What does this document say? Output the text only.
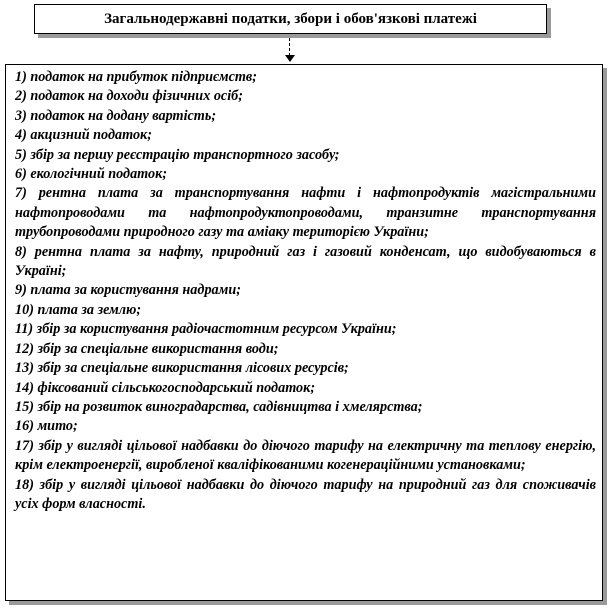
Загальнодержавні податки, збори і обов'язкові платежі

1) податок на прибуток підприємств;

2) податок на доходи фізичних осіб;

3) податок на додану вартість;

4) акцизний податок;

5) збір за першу реєстрацію транспортного засобу;

6) екологічний податок;

7) рентна плата за транспортування нафти і нафтопродуктів магістральними нафтопроводами та нафтопродуктопроводами, транзитне транспортування трубопроводами природного газу та аміаку територією України;

8) рентна плата за нафту, природний газ і газовий конденсат, що видобуваються в Україні;

9) плата за користування надрами;

10) плата за землю;

11) збір за користування радіочастотним ресурсом України;

12) збір за спеціальне використання води;

13) збір за спеціальне використання лісових ресурсів;

14) фіксований сільськогосподарський податок;

15) збір на розвиток виноградарства, садівництва і хмелярства;

16) мито;

17) збір у вигляді цільової надбавки до діючого тарифу на електричну та теплову енергію, крім електроенергії, виробленої кваліфікованими когенераційними установками;

18) збір у вигляді цільової надбавки до діючого тарифу на природний газ для споживачів усіх форм власності.
